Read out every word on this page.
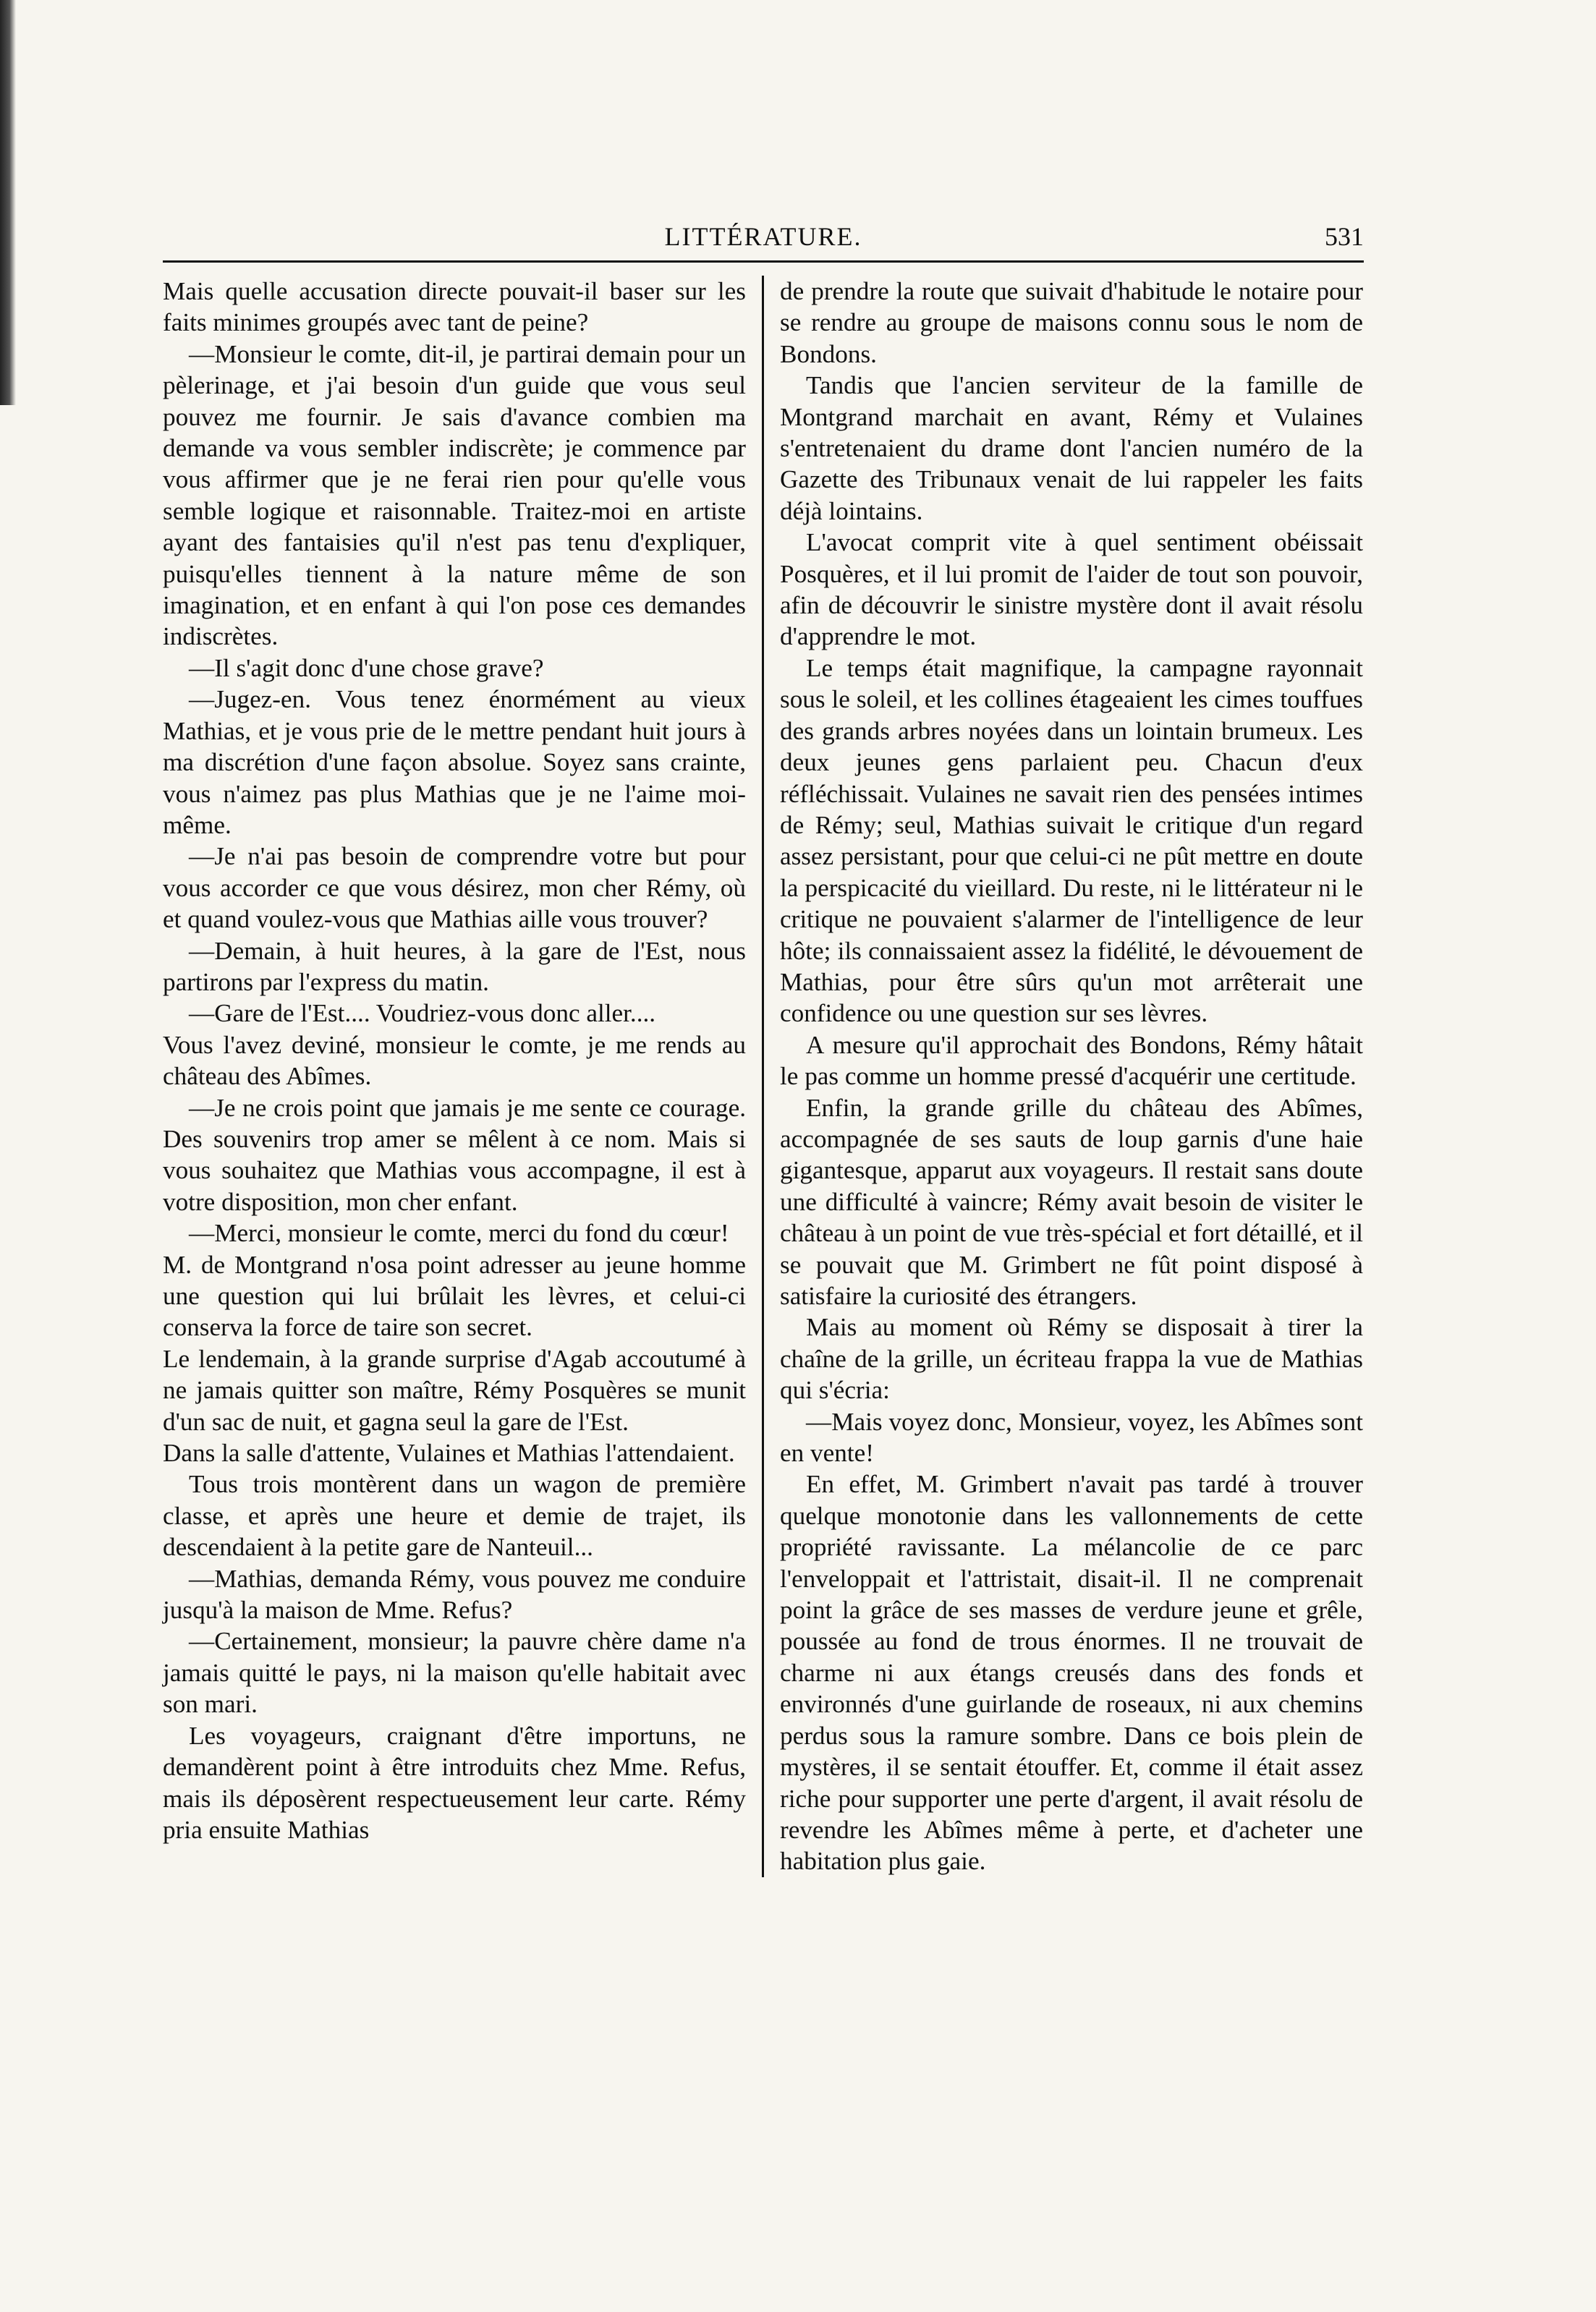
LITTÉRATURE.	531

Mais quelle accusation directe pouvait-il baser sur les faits minimes groupés avec tant de peine?

—Monsieur le comte, dit-il, je partirai demain pour un pèlerinage, et j'ai besoin d'un guide que vous seul pouvez me fournir. Je sais d'avance combien ma demande va vous sembler indiscrète; je commence par vous affirmer que je ne ferai rien pour qu'elle vous semble logique et raisonnable. Traitez-moi en artiste ayant des fantaisies qu'il n'est pas tenu d'expliquer, puisqu'elles tiennent à la nature même de son imagination, et en enfant à qui l'on pose ces demandes indiscrètes.

—Il s'agit donc d'une chose grave?

—Jugez-en. Vous tenez énormément au vieux Mathias, et je vous prie de le mettre pendant huit jours à ma discrétion d'une façon absolue. Soyez sans crainte, vous n'aimez pas plus Mathias que je ne l'aime moi-même.

—Je n'ai pas besoin de comprendre votre but pour vous accorder ce que vous désirez, mon cher Rémy, où et quand voulez-vous que Mathias aille vous trouver?

—Demain, à huit heures, à la gare de l'Est, nous partirons par l'express du matin.

—Gare de l'Est.... Voudriez-vous donc aller....

Vous l'avez deviné, monsieur le comte, je me rends au château des Abîmes.

—Je ne crois point que jamais je me sente ce courage. Des souvenirs trop amer se mêlent à ce nom. Mais si vous souhaitez que Mathias vous accompagne, il est à votre disposition, mon cher enfant.

—Merci, monsieur le comte, merci du fond du cœur!

M. de Montgrand n'osa point adresser au jeune homme une question qui lui brûlait les lèvres, et celui-ci conserva la force de taire son secret.

Le lendemain, à la grande surprise d'Agab accoutumé à ne jamais quitter son maître, Rémy Posquères se munit d'un sac de nuit, et gagna seul la gare de l'Est.

Dans la salle d'attente, Vulaines et Mathias l'attendaient.

Tous trois montèrent dans un wagon de première classe, et après une heure et demie de trajet, ils descendaient à la petite gare de Nanteuil...

—Mathias, demanda Rémy, vous pouvez me conduire jusqu'à la maison de Mme. Refus?

—Certainement, monsieur; la pauvre chère dame n'a jamais quitté le pays, ni la maison qu'elle habitait avec son mari.

Les voyageurs, craignant d'être importuns, ne demandèrent point à être introduits chez Mme. Refus, mais ils déposèrent respectueusement leur carte. Rémy pria ensuite Mathias

de prendre la route que suivait d'habitude le notaire pour se rendre au groupe de maisons connu sous le nom de Bondons.

Tandis que l'ancien serviteur de la famille de Montgrand marchait en avant, Rémy et Vulaines s'entretenaient du drame dont l'ancien numéro de la Gazette des Tribunaux venait de lui rappeler les faits déjà lointains.

L'avocat comprit vite à quel sentiment obéissait Posquères, et il lui promit de l'aider de tout son pouvoir, afin de découvrir le sinistre mystère dont il avait résolu d'apprendre le mot.

Le temps était magnifique, la campagne rayonnait sous le soleil, et les collines étageaient les cimes touffues des grands arbres noyées dans un lointain brumeux. Les deux jeunes gens parlaient peu. Chacun d'eux réfléchissait. Vulaines ne savait rien des pensées intimes de Rémy; seul, Mathias suivait le critique d'un regard assez persistant, pour que celui-ci ne pût mettre en doute la perspicacité du vieillard. Du reste, ni le littérateur ni le critique ne pouvaient s'alarmer de l'intelligence de leur hôte; ils connaissaient assez la fidélité, le dévouement de Mathias, pour être sûrs qu'un mot arrêterait une confidence ou une question sur ses lèvres.

A mesure qu'il approchait des Bondons, Rémy hâtait le pas comme un homme pressé d'acquérir une certitude.

Enfin, la grande grille du château des Abîmes, accompagnée de ses sauts de loup garnis d'une haie gigantesque, apparut aux voyageurs. Il restait sans doute une difficulté à vaincre; Rémy avait besoin de visiter le château à un point de vue très-spécial et fort détaillé, et il se pouvait que M. Grimbert ne fût point disposé à satisfaire la curiosité des étrangers.

Mais au moment où Rémy se disposait à tirer la chaîne de la grille, un écriteau frappa la vue de Mathias qui s'écria:

—Mais voyez donc, Monsieur, voyez, les Abîmes sont en vente!

En effet, M. Grimbert n'avait pas tardé à trouver quelque monotonie dans les vallonnements de cette propriété ravissante. La mélancolie de ce parc l'enveloppait et l'attristait, disait-il. Il ne comprenait point la grâce de ses masses de verdure jeune et grêle, poussée au fond de trous énormes. Il ne trouvait de charme ni aux étangs creusés dans des fonds et environnés d'une guirlande de roseaux, ni aux chemins perdus sous la ramure sombre. Dans ce bois plein de mystères, il se sentait étouffer. Et, comme il était assez riche pour supporter une perte d'argent, il avait résolu de revendre les Abîmes même à perte, et d'acheter une habitation plus gaie.
